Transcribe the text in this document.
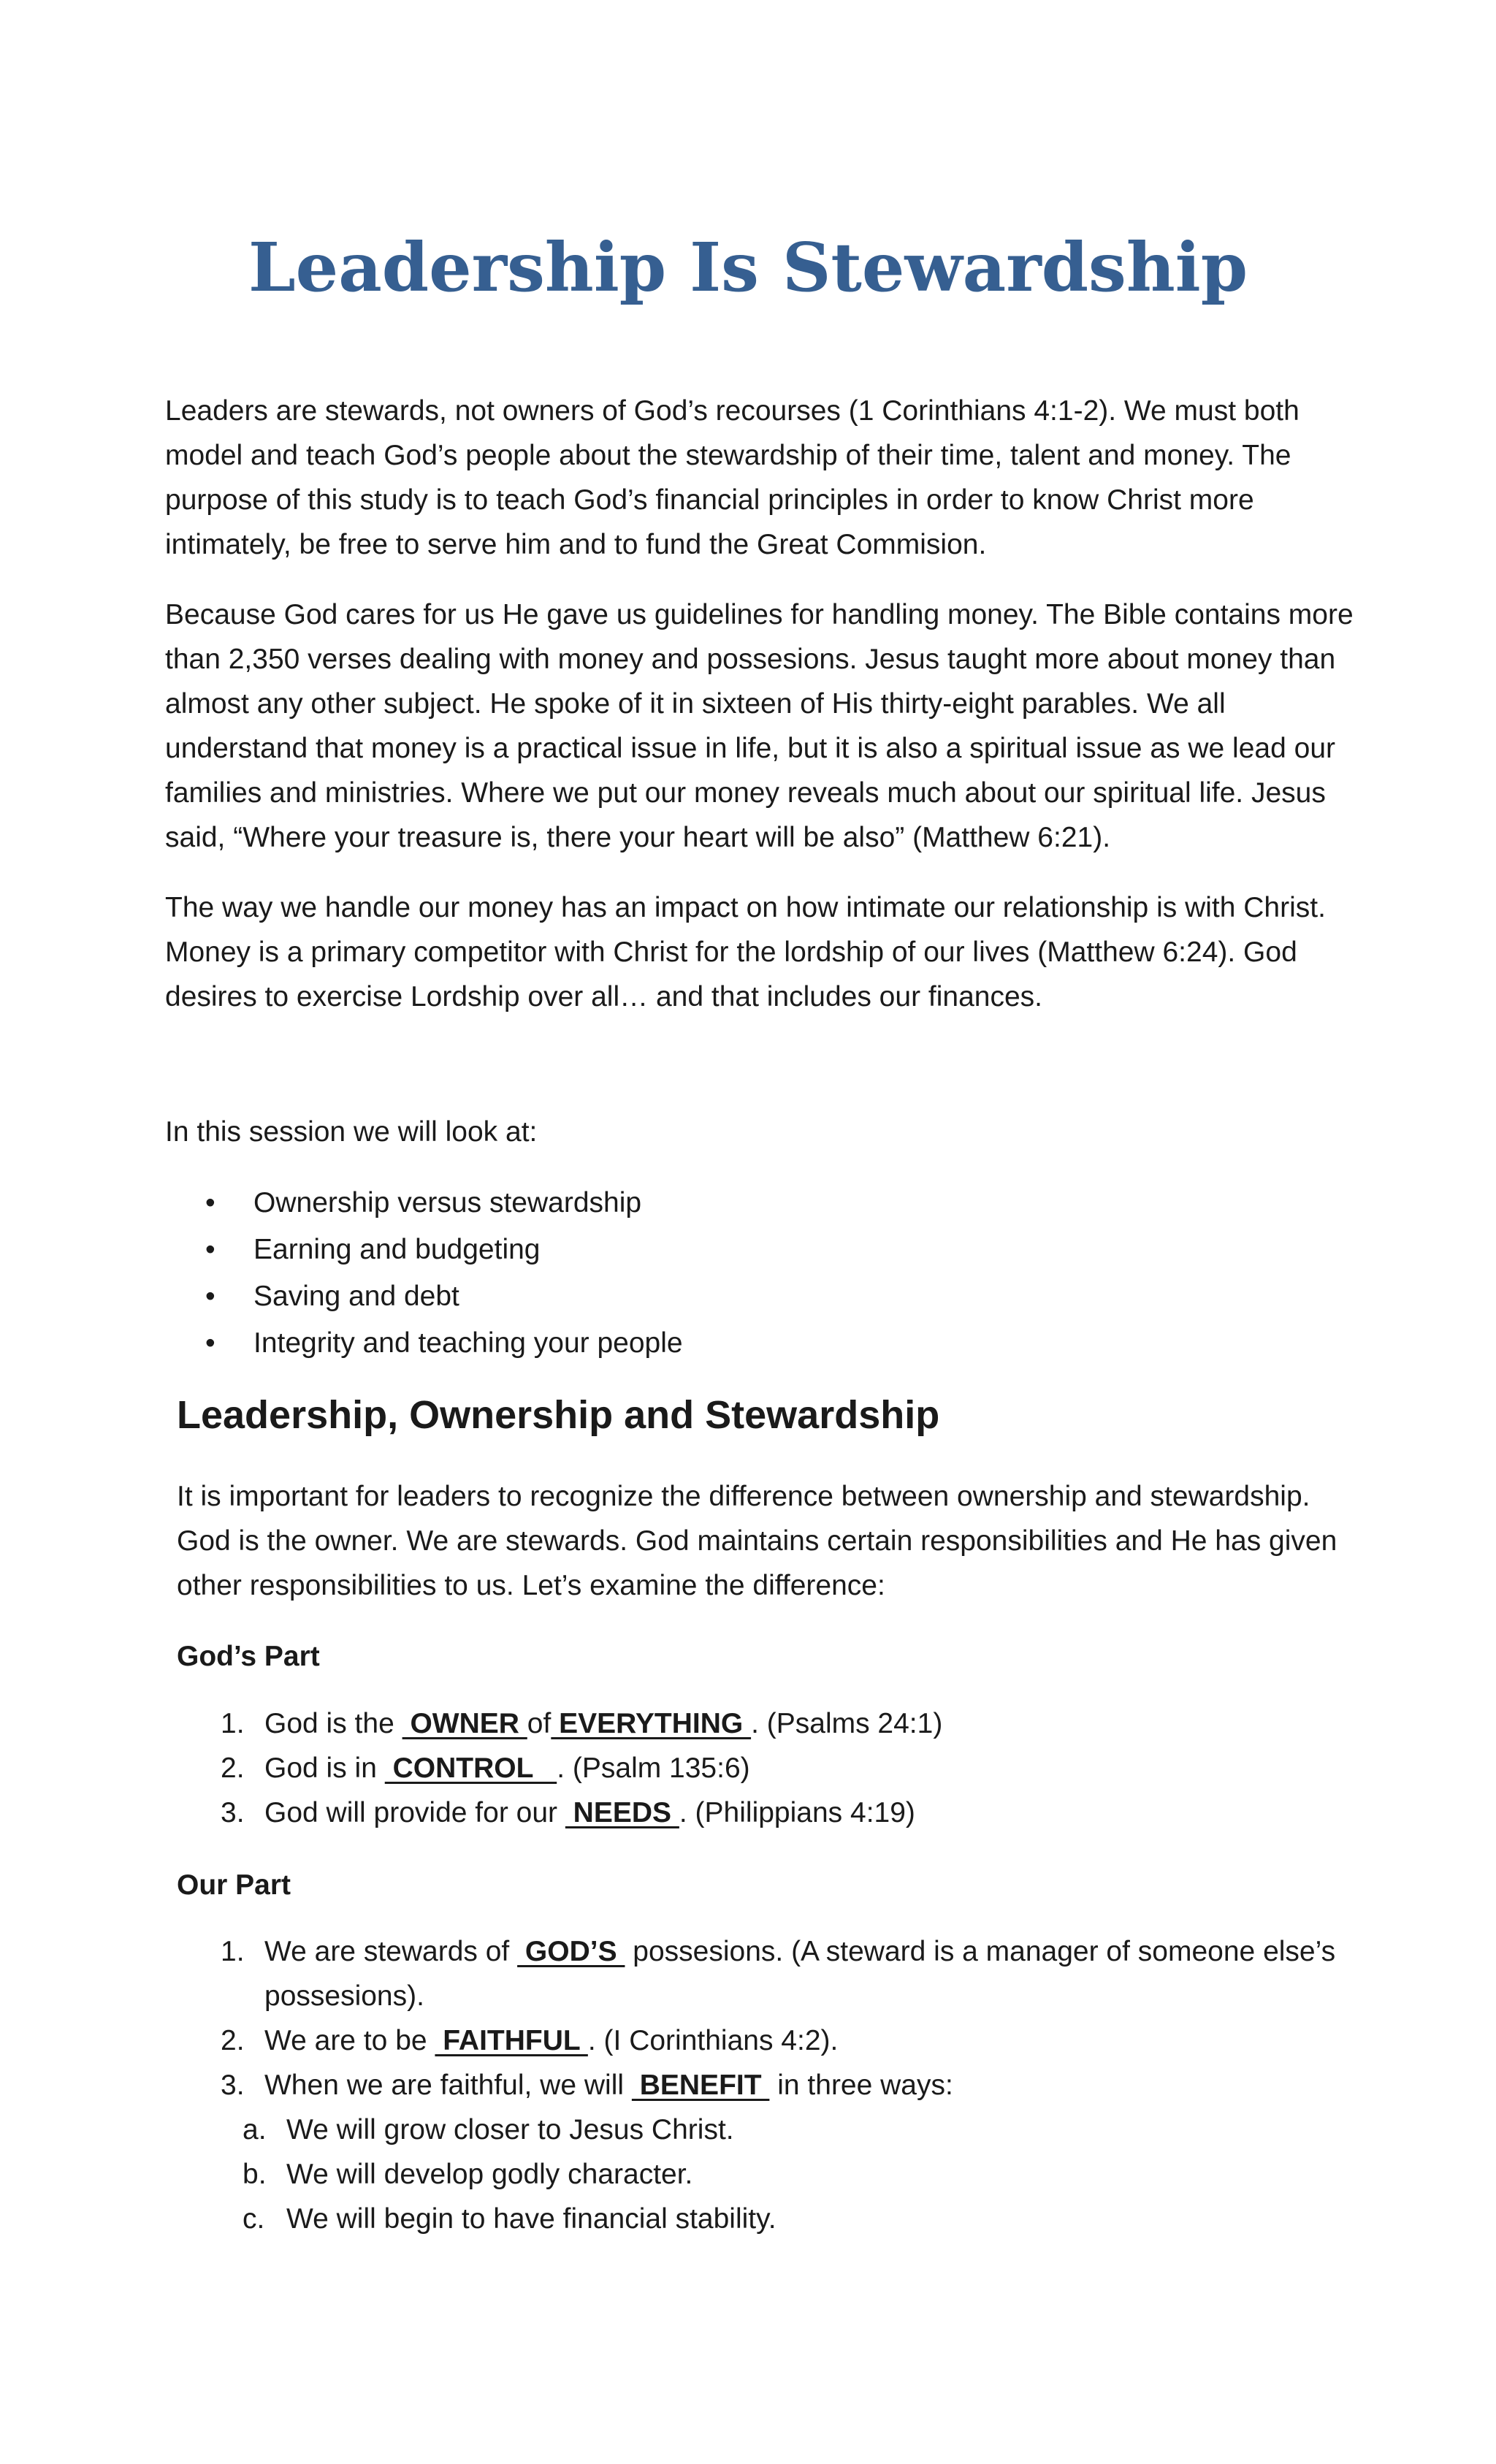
Leadership Is Stewardship

Leaders are stewards, not owners of God’s recourses (1 Corinthians 4:1-2). We must both model and teach God’s people about the stewardship of their time, talent and money. The purpose of this study is to teach God’s financial principles in order to know Christ more intimately, be free to serve him and to fund the Great Commision.

Because God cares for us He gave us guidelines for handling money. The Bible contains more than 2,350 verses dealing with money and possesions. Jesus taught more about money than almost any other subject. He spoke of it in sixteen of His thirty-eight parables. We all understand that money is a practical issue in life, but it is also a spiritual issue as we lead our families and ministries. Where we put our money reveals much about our spiritual life. Jesus said, “Where your treasure is, there your heart will be also” (Matthew 6:21).

The way we handle our money has an impact on how intimate our relationship is with Christ. Money is a primary competitor with Christ for the lordship of our lives (Matthew 6:24). God desires to exercise Lordship over all… and that includes our finances.

In this session we will look at:

• Ownership versus stewardship
• Earning and budgeting
• Saving and debt
• Integrity and teaching your people
Leadership, Ownership and Stewardship

It is important for leaders to recognize the difference between ownership and stewardship. God is the owner. We are stewards. God maintains certain responsibilities and He has given other responsibilities to us. Let’s examine the difference:

God’s Part

1. God is the  OWNER of EVERYTHING . (Psalms 24:1)
2. God is in  CONTROL   . (Psalm 135:6)
3. God will provide for our  NEEDS . (Philippians 4:19)

Our Part

1. We are stewards of  GOD’S  possesions. (A steward is a manager of someone else’s possesions).
2. We are to be  FAITHFUL . (I Corinthians 4:2).
3. When we are faithful, we will  BENEFIT  in three ways:
a. We will grow closer to Jesus Christ.
b. We will develop godly character.
c. We will begin to have financial stability.
